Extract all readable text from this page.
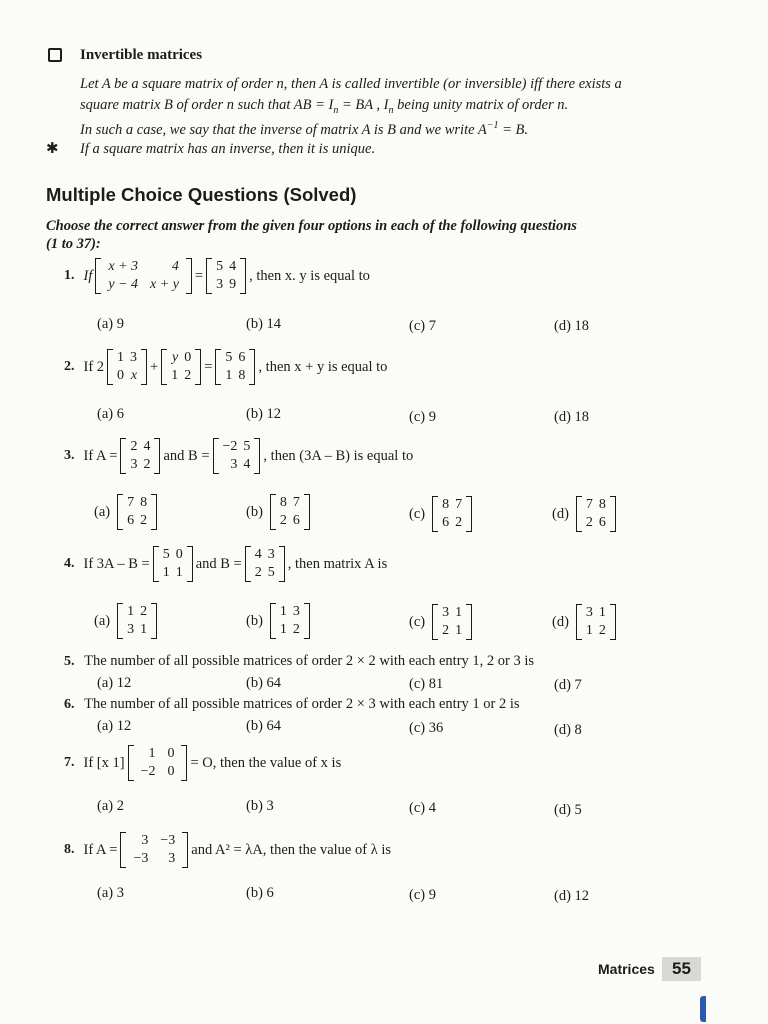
Invertible matrices
Let A be a square matrix of order n, then A is called invertible (or inversible) iff there exists a
square matrix B of order n such that AB = $I_n$ = BA , $I_n$ being unity matrix of order n.
In such a case, we say that the inverse of matrix A is B and we write $A^{-1} = B$.
✱ If a square matrix has an inverse, then it is unique.
Multiple Choice Questions (Solved)
Choose the correct answer from the given four options in each of the following questions
(1 to 37):
1. If
x + 3	4
y − 4	x + y
=
5	4
3	9
, then x. y is equal to
(a) 9	(b) 14	(c) 7	(d) 18
2. If 2
1	3
0	x
+
y	0
1	2
=
5	6
1	8
, then x + y is equal to
(a) 6	(b) 12	(c) 9	(d) 18
3. If A =
2	4
3	2
and B =
−2	5
3	4
, then (3A – B) is equal to
(a)
7	8
6	2
(b)
8	7
2	6	(c)
8	7
6	2
(d)
7	8
2	6
4. If 3A – B =
5	0
1	1
and B =
4	3
2	5
, then matrix A is
(a)
1	2
3	1
(b)
1	3
1	2	(c)
3	1
2	1
(d)
3	1
1	2
5. The number of all possible matrices of order 2 × 2 with each entry 1, 2 or 3 is
(a) 12	(b) 64	(c) 81	(d) 7
6. The number of all possible matrices of order 2 × 3 with each entry 1 or 2 is
(a) 12	(b) 64	(c) 36	(d) 8
7. If [x 1]
1	0
−2	0
= O, then the value of x is
(a) 2	(b) 3	(c) 4	(d) 5
8. If A =
3	−3
−3	3
and A² = λA, then the value of λ is
(a) 3	(b) 6	(c) 9	(d) 12
Matrices	55
